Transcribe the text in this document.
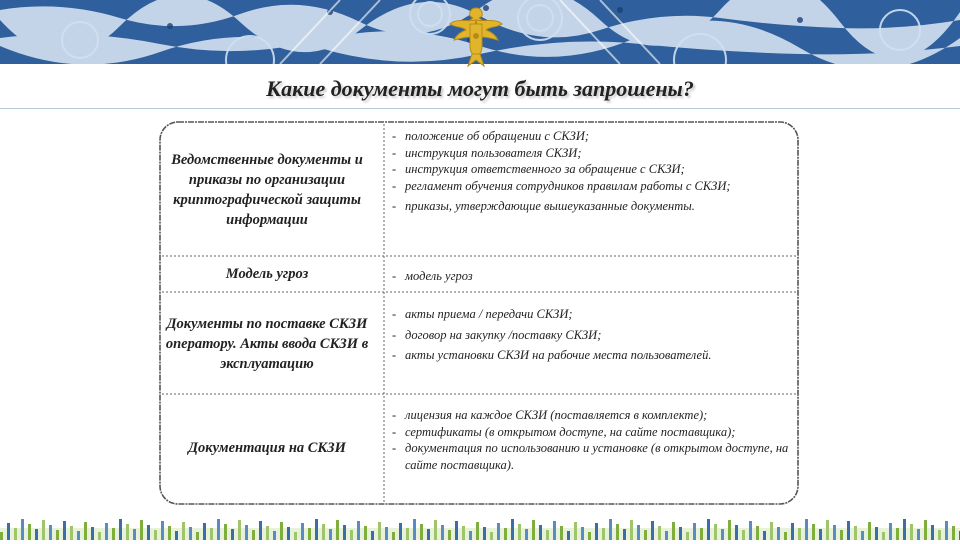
Какие документы могут быть запрошены?
Ведомственные документы и приказы по организации криптографической защиты информации
- положение об обращении с СКЗИ;
- инструкция пользователя СКЗИ;
- инструкция ответственного за обращение с СКЗИ;
- регламент обучения сотрудников правилам работы с СКЗИ;
- приказы, утверждающие вышеуказанные документы.
Модель угроз
-	модель угроз
Документы по поставке СКЗИ оператору. Акты ввода СКЗИ в эксплуатацию
- акты приема / передачи СКЗИ;
- договор на закупку /поставку СКЗИ;
- акты установки СКЗИ на рабочие места пользователей.
Документация на СКЗИ
- лицензия на каждое СКЗИ (поставляется в комплекте);
- сертификаты (в открытом доступе, на сайте поставщика);
- документация по использованию и установке (в открытом доступе, на сайте поставщика).
